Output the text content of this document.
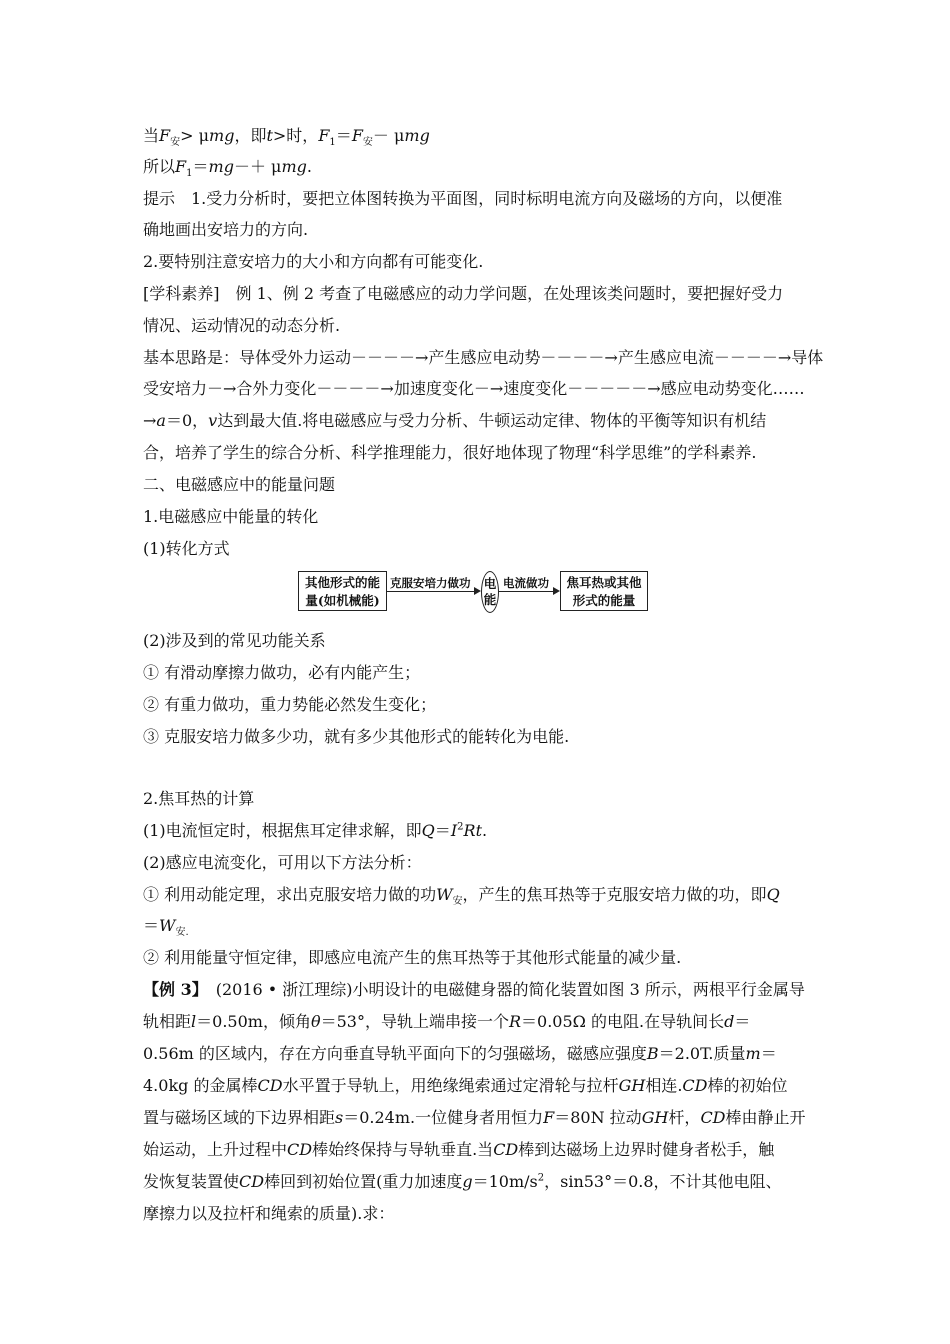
当$F_安> \mu mg$，即t>时，$F_1=F_安- \mu mg$
所以$F_1=mg-+ \mu mg$.
提示　1.受力分析时，要把立体图转换为平面图，同时标明电流方向及磁场的方向，以便准
确地画出安培力的方向.
2.要特别注意安培力的大小和方向都有可能变化.
[学科素养]　例 1、例 2 考查了电磁感应的动力学问题，在处理该类问题时，要把握好受力
情况、运动情况的动态分析.
基本思路是：导体受外力运动－－－－→产生感应电动势－－－－→产生感应电流－－－－→导体
受安培力－→合外力变化－－－－→加速度变化－→速度变化－－－－－→感应电动势变化……
→a＝0，v达到最大值.将电磁感应与受力分析、牛顿运动定律、物体的平衡等知识有机结
合，培养了学生的综合分析、科学推理能力，很好地体现了物理“科学思维”的学科素养.
二、电磁感应中的能量问题
1.电磁感应中能量的转化
(1)转化方式
其他形式的能
量(如机械能)
克服安培力做功 电
能
电流做功	焦耳热或其他
形式的能量
(2)涉及到的常见功能关系
① 有滑动摩擦力做功，必有内能产生；
② 有重力做功，重力势能必然发生变化；
③ 克服安培力做多少功，就有多少其他形式的能转化为电能.
2.焦耳热的计算
(1)电流恒定时，根据焦耳定律求解，即$Q=I^2Rt$.
(2)感应电流变化，可用以下方法分析：
① 利用动能定理，求出克服安培力做的功$W_安$，产生的焦耳热等于克服安培力做的功，即Q
$=W_{安.}$
② 利用能量守恒定律，即感应电流产生的焦耳热等于其他形式能量的减少量.
【例 3】　(2016 • 浙江理综)小明设计的电磁健身器的简化装置如图 3 所示，两根平行金属导
轨相距l＝0.50m，倾角θ＝53°，导轨上端串接一个R＝0.05Ω 的电阻.在导轨间长d＝
0.56m 的区域内，存在方向垂直导轨平面向下的匀强磁场，磁感应强度B＝2.0T.质量m＝
4.0kg 的金属棒CD水平置于导轨上，用绝缘绳索通过定滑轮与拉杆GH相连.CD棒的初始位
置与磁场区域的下边界相距s＝0.24m.一位健身者用恒力F＝80N 拉动GH杆，CD棒由静止开
始运动，上升过程中CD棒始终保持与导轨垂直.当CD棒到达磁场上边界时健身者松手，触
发恢复装置使CD棒回到初始位置(重力加速度$g=10m/s^2$，sin53°＝0.8，不计其他电阻、
摩擦力以及拉杆和绳索的质量).求：
